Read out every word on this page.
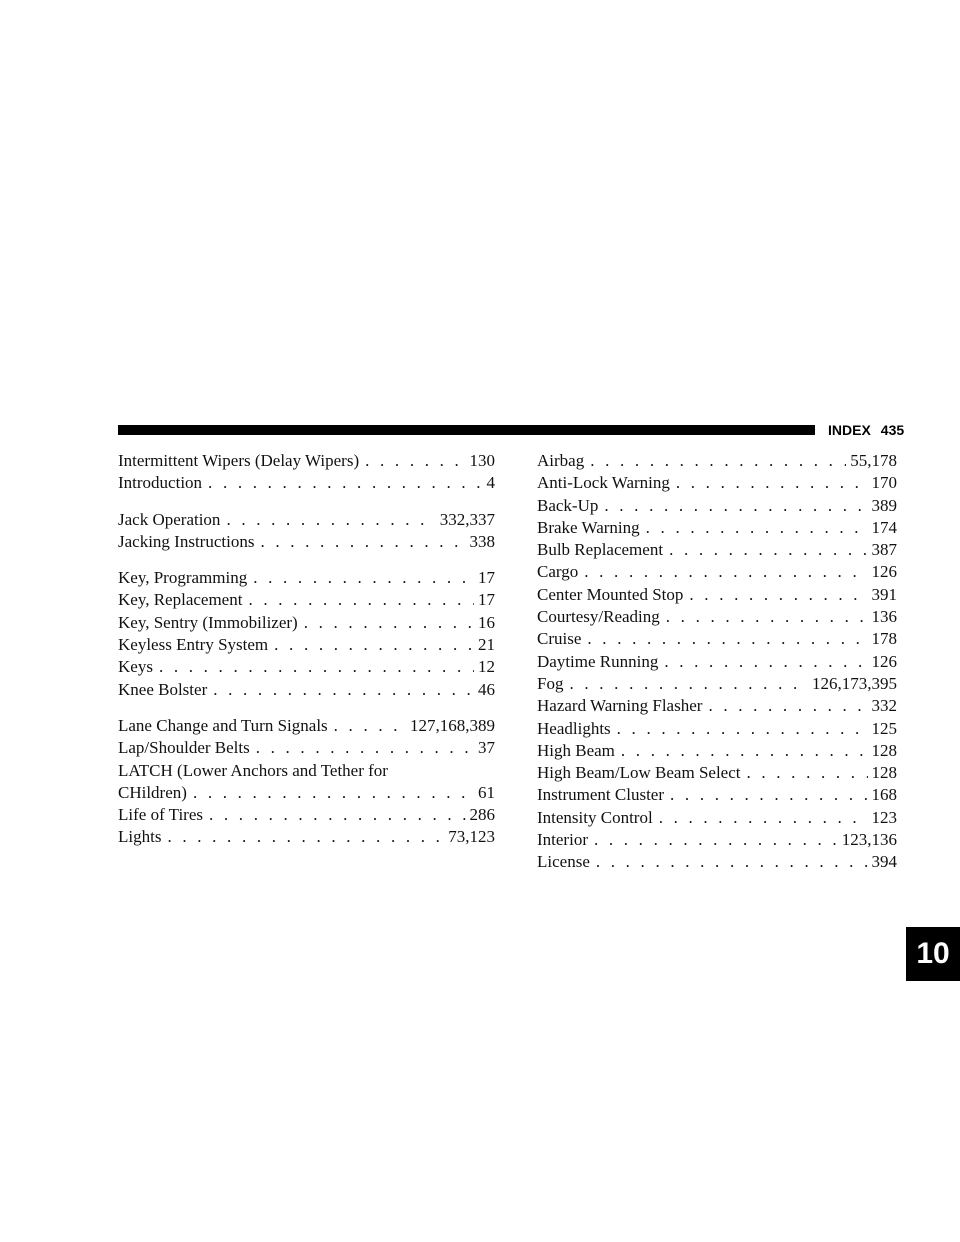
INDEX 435
Intermittent Wipers (Delay Wipers) . . .	130
Introduction . . .	4
Jack Operation . . .	332,337
Jacking Instructions . . .	338
Key, Programming . . .	17
Key, Replacement . . .	17
Key, Sentry (Immobilizer) . . .	16
Keyless Entry System . . .	21
Keys . . .	12
Knee Bolster . . .	46
Lane Change and Turn Signals . . .	127,168,389
Lap/Shoulder Belts . . .	37
LATCH (Lower Anchors and Tether for
CHildren) . . .	61
Life of Tires . . .	286
Lights . . .	73,123
Airbag . . .	55,178
Anti-Lock Warning . . .	170
Back-Up . . .	389
Brake Warning . . .	174
Bulb Replacement . . .	387
Cargo . . .	126
Center Mounted Stop . . .	391
Courtesy/Reading . . .	136
Cruise . . .	178
Daytime Running . . .	126
Fog . . .	126,173,395
Hazard Warning Flasher . . .	332
Headlights . . .	125
High Beam . . .	128
High Beam/Low Beam Select . . .	128
Instrument Cluster . . .	168
Intensity Control . . .	123
Interior . . .	123,136
License . . .	394
10
